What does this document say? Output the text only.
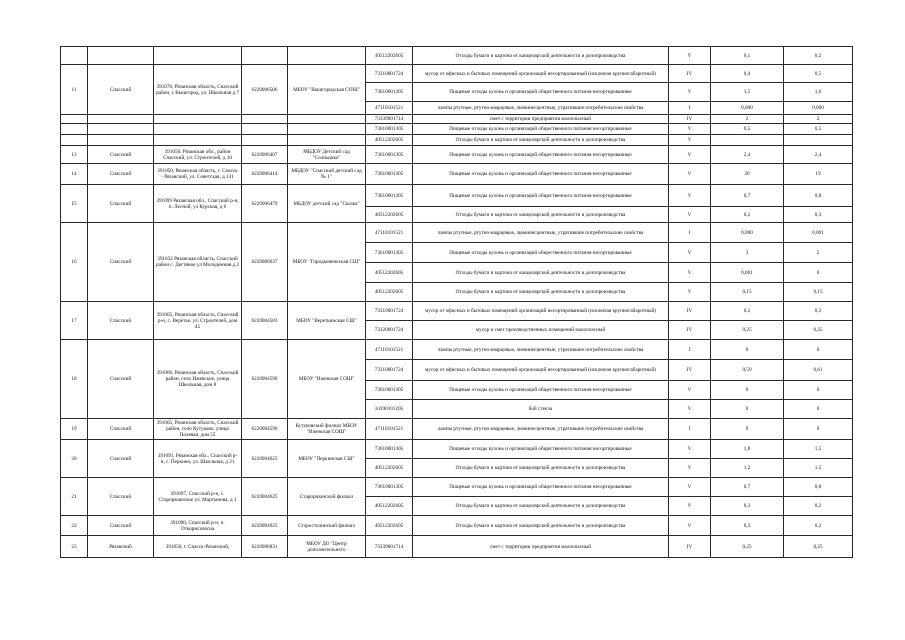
					40512202605	Отходы бумаги и картона от канцелярской деятельности и делопроизводства	V	0,1	0,2
11	Спасский	391076, Рязанская область, Спасский район, с Вышгород, ул. Школьная д 7	6220006506	МБОУ "Вышгородская СОШ"	73310001724	мусор от офисных и бытовых помещений организаций несортированный (исключая крупногабаритный)	IV	0,4	0,5
					73610001305	Пищевые отходы кухонь и организаций общественного питания несортированные	V	1,5	1,6
					47110101521	лампы ртутные, ртутно-кварцевые, люминесцентные, утратившие потребительские свойства	I	0,000	0,000
					73339001714	смет с территории предприятия малоопасный	IV	2	2
					73610001305	Пищевые отходы кухонь и организаций общественного питания несортированные	V	0,5	0,5
					40512202605	Отходы бумаги и картона от канцелярской деятельности и делопроизводства	V		
13	Спасский	391050, Рязанская обл., район Спасский, ул. Строителей, д 10	6220006407	МБДОУ Детский сад "Солнышко"	73610001305	Пищевые отходы кухонь и организаций общественного питания несортированные	V	2,4	2,4
14	Спасский	391050, Рязанская область, г. Спасск - Рязанский, ул. Советская, д 131	6220006414	МБДОУ "Спасский детский сад № 1"	73610001305	Пищевые отходы кухонь и организаций общественного питания несортированные	V	20	19
15	Спасский	391099 Рязанская обл., Спасский р-н, п. Лесной, ул Курская, д 6	6220006479	МБДОУ детский сад "Сказка"	73610001305	Пищевые отходы кухонь и организаций общественного питания несортированные	V	0,7	0,8
					40512202605	Отходы бумаги и картона от канцелярской деятельности и делопроизводства	V	0,2	0,3
16	Спасский	391032 Рязанская область, Спасский район с. Дегтяное ул Молодежная д 2	6220006037	МБОУ "Городковическая СШ"	47110101521	лампы ртутные, ртутно-кварцевые, люминесцентные, утратившие потребительские свойства	I	0,000	0,001
					73610001305	Пищевые отходы кухонь и организаций общественного питания несортированные	V	3	2
					40512202605	Отходы бумаги и картона от канцелярской деятельности и делопроизводства	V	0,001	0
					40512202605	Отходы бумаги и картона от канцелярской деятельности и делопроизводства	V	0,15	0,15
17	Спасский	391065, Рязанская область, Спасский р-н, с. Веретье, ул. Строителей, дом 45	6220004583	МБОУ "Веретьинская СШ"	73310001724	мусор от офисных и бытовых помещений организаций несортированный (исключая крупногабаритный)	IV	0,2	0,2
					73320001724	мусор и смет производственных помещений малоопасный	IV	0,25	0,25
18	Спасский	391066, Рязанская область, Спасский район, село Ижевское, улица Школьная, дом 8	6220004590	МБОУ "Ижевская СОШ"	47110101521	лампы ртутные, ртутно-кварцевые, люминесцентные, утратившие потребительские свойства	I	0	0
					73310001724	мусор от офисных и бытовых помещений организаций несортированный (исключая крупногабаритный)	IV	0,59	0,61
					73610001305	Пищевые отходы кухонь и организаций общественного питания несортированные	V	0	0
					34190101205	бой стекла	V	0	0
19	Спасский	391065, Рязанская область, Спасский район, село Кутуково, улица Полевая, дом 55	6220004590	Кутуковский филиал МБОУ "Ижевская СОШ"	47110101521	лампы ртутные, ртутно-кварцевые, люминесцентные, утратившие потребительские свойства	I	0	0
20	Спасский	391091, Рязанская обл., Спасский р-н, с. Перкино, ул. Школьная, д 21	6220004625	МБОУ "Перкинская СШ"	73610001305	Пищевые отходы кухонь и организаций общественного питания несортированные	V	1,8	1,5
					40512202605	Отходы бумаги и картона от канцелярской деятельности и делопроизводства	V	1,2	1,5
21	Спасский	391097, Спасский р-н, с. Старорязанское ул. Мартынова, д 1	6220004625	Старорязанский филиал	73610001305	Пищевые отходы кухонь и организаций общественного питания несортированные	V	0,7	0,8
					40512202605	Отходы бумаги и картона от канцелярской деятельности и делопроизводства	V	0,3	0,2
22	Спасский	391090, Спасский р-н, п. Откормсовхоза	6220004925	Старостолинский филиал	40512202605	Отходы бумаги и картона от канцелярской деятельности и делопроизводства	V	0,3	0,2
23	Рязанский	391050, г. Спасск-Рязанский,	6220006831	МБОУ ДО "Центр дополнительного	73339001714	смет с территории предприятия малоопасный	IV	0,25	0,25
